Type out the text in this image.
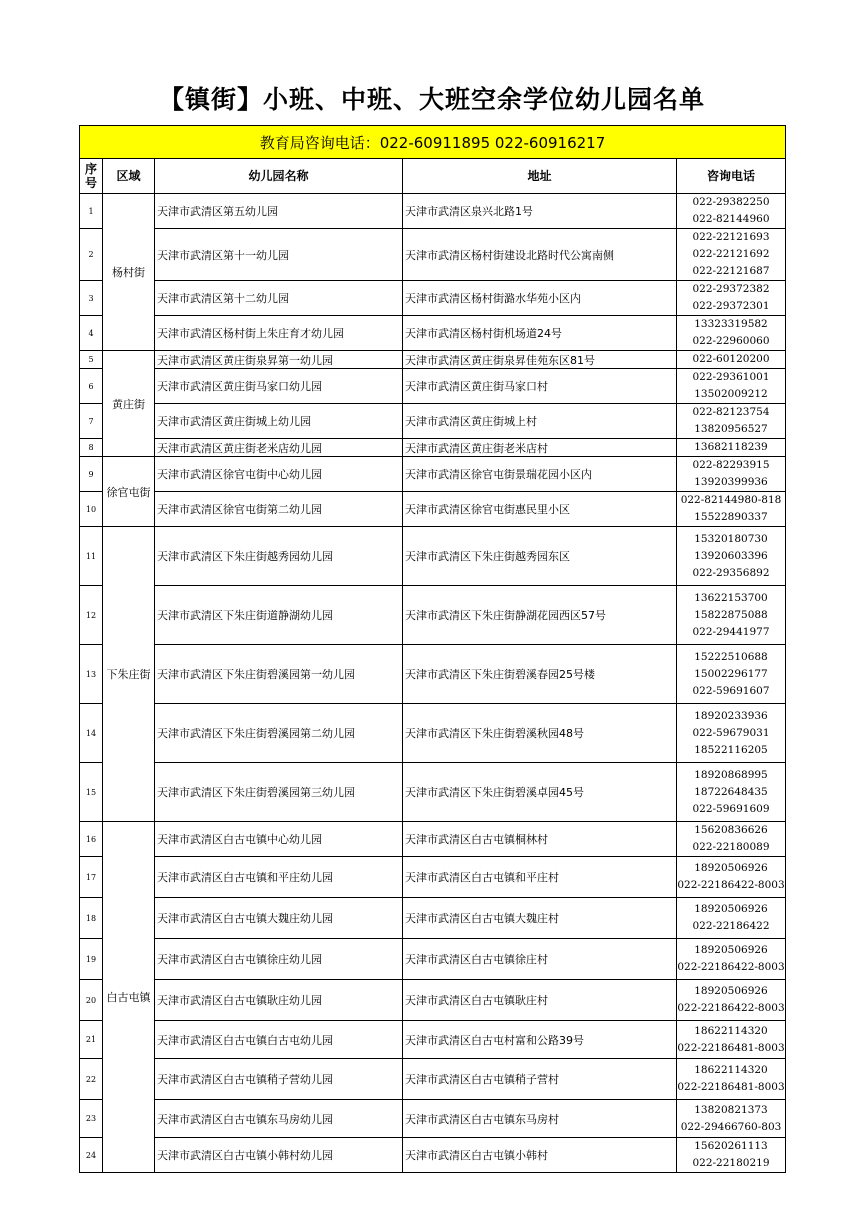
【镇街】小班、中班、大班空余学位幼儿园名单
教育局咨询电话：022-60911895 022-60916217				
序号	区域	幼儿园名称	地址	咨询电话
1	杨村街	天津市武清区第五幼儿园	天津市武清区泉兴北路1号	022-29382250
022-82144960

2		天津市武清区第十一幼儿园	天津市武清区杨村街建设北路时代公寓南侧	022-22121693
022-22121692
022-22121687

3		天津市武清区第十二幼儿园	天津市武清区杨村街潞水华苑小区内	022-29372382
022-29372301

4		天津市武清区杨村街上朱庄育才幼儿园	天津市武清区杨村街机场道24号	13323319582
022-22960060

5	黄庄街	天津市武清区黄庄街泉昇第一幼儿园	天津市武清区黄庄街泉昇佳苑东区81号	022-60120200

6		天津市武清区黄庄街马家口幼儿园	天津市武清区黄庄街马家口村	022-29361001
13502009212

7		天津市武清区黄庄街城上幼儿园	天津市武清区黄庄街城上村	022-82123754
13820956527

8		天津市武清区黄庄街老米店幼儿园	天津市武清区黄庄街老米店村	13682118239

9	徐官屯街	天津市武清区徐官屯街中心幼儿园	天津市武清区徐官屯街景瑞花园小区内	022-82293915
13920399936

10		天津市武清区徐官屯街第二幼儿园	天津市武清区徐官屯街惠民里小区	022-82144980-818
15522890337

11	下朱庄街	天津市武清区下朱庄街越秀园幼儿园	天津市武清区下朱庄街越秀园东区	15320180730
13920603396
022-29356892

12		天津市武清区下朱庄街道静湖幼儿园	天津市武清区下朱庄街静湖花园西区57号	13622153700
15822875088
022-29441977

13		天津市武清区下朱庄街碧溪园第一幼儿园	天津市武清区下朱庄街碧溪春园25号楼	15222510688
15002296177
022-59691607

14		天津市武清区下朱庄街碧溪园第二幼儿园	天津市武清区下朱庄街碧溪秋园48号	18920233936
022-59679031
18522116205

15		天津市武清区下朱庄街碧溪园第三幼儿园	天津市武清区下朱庄街碧溪卓园45号	18920868995
18722648435
022-59691609

16	白古屯镇	天津市武清区白古屯镇中心幼儿园	天津市武清区白古屯镇桐林村	15620836626
022-22180089

17		天津市武清区白古屯镇和平庄幼儿园	天津市武清区白古屯镇和平庄村	18920506926
022-22186422-8003

18		天津市武清区白古屯镇大魏庄幼儿园	天津市武清区白古屯镇大魏庄村	18920506926
022-22186422

19		天津市武清区白古屯镇徐庄幼儿园	天津市武清区白古屯镇徐庄村	18920506926
022-22186422-8003

20		天津市武清区白古屯镇耿庄幼儿园	天津市武清区白古屯镇耿庄村	18920506926
022-22186422-8003

21		天津市武清区白古屯镇白古屯幼儿园	天津市武清区白古屯村富和公路39号	18622114320
022-22186481-8003

22		天津市武清区白古屯镇稍子营幼儿园	天津市武清区白古屯镇稍子营村	18622114320
022-22186481-8003

23		天津市武清区白古屯镇东马房幼儿园	天津市武清区白古屯镇东马房村	13820821373
022-29466760-803

24		天津市武清区白古屯镇小韩村幼儿园	天津市武清区白古屯镇小韩村	15620261113
022-22180219
